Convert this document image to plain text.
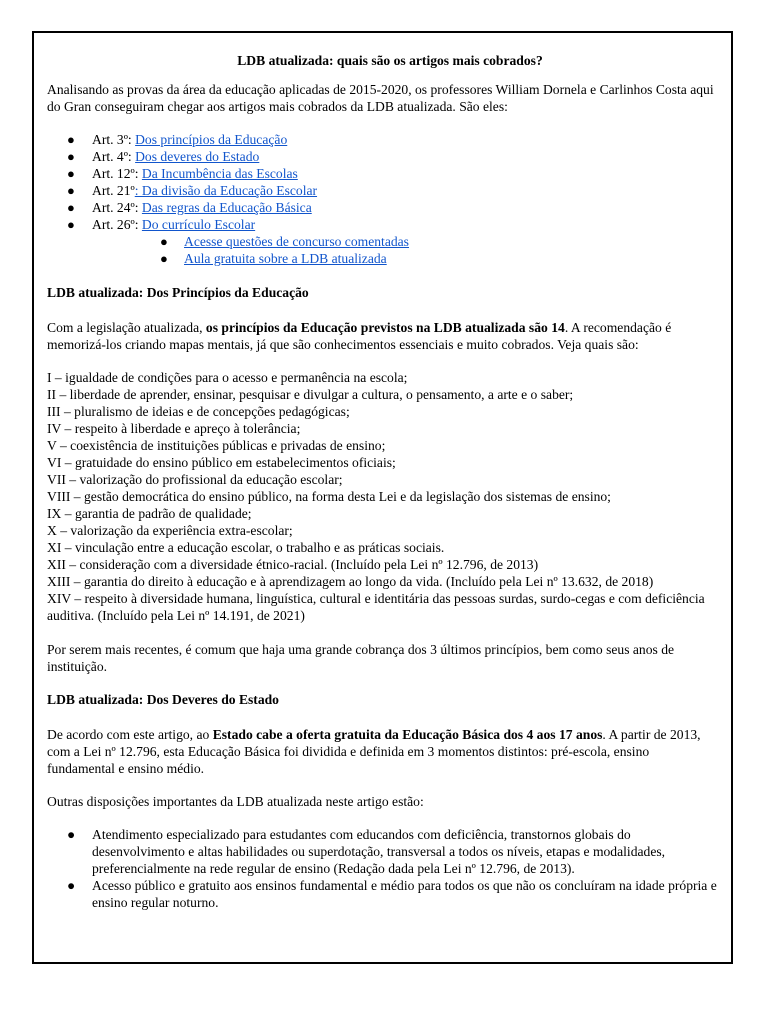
LDB atualizada: quais são os artigos mais cobrados?

Analisando as provas da área da educação aplicadas de 2015-2020, os professores William Dornela e Carlinhos Costa aqui do Gran conseguiram chegar aos artigos mais cobrados da LDB atualizada. São eles:

● Art. 3º: Dos princípios da Educação
● Art. 4º: Dos deveres do Estado
● Art. 12º: Da Incumbência das Escolas
● Art. 21º: Da divisão da Educação Escolar
● Art. 24º: Das regras da Educação Básica
● Art. 26º: Do currículo Escolar
● Acesse questões de concurso comentadas
● Aula gratuita sobre a LDB atualizada

LDB atualizada: Dos Princípios da Educação

Com a legislação atualizada, os princípios da Educação previstos na LDB atualizada são 14. A recomendação é memorizá-los criando mapas mentais, já que são conhecimentos essenciais e muito cobrados. Veja quais são:

I – igualdade de condições para o acesso e permanência na escola;

II – liberdade de aprender, ensinar, pesquisar e divulgar a cultura, o pensamento, a arte e o saber;

III – pluralismo de ideias e de concepções pedagógicas;

IV – respeito à liberdade e apreço à tolerância;

V – coexistência de instituições públicas e privadas de ensino;

VI – gratuidade do ensino público em estabelecimentos oficiais;

VII – valorização do profissional da educação escolar;

VIII – gestão democrática do ensino público, na forma desta Lei e da legislação dos sistemas de ensino;

IX – garantia de padrão de qualidade;

X – valorização da experiência extra-escolar;

XI – vinculação entre a educação escolar, o trabalho e as práticas sociais.

XII – consideração com a diversidade étnico-racial. (Incluído pela Lei nº 12.796, de 2013)

XIII – garantia do direito à educação e à aprendizagem ao longo da vida. (Incluído pela Lei nº 13.632, de 2018)

XIV – respeito à diversidade humana, linguística, cultural e identitária das pessoas surdas, surdo-cegas e com deficiência auditiva. (Incluído pela Lei nº 14.191, de 2021)

Por serem mais recentes, é comum que haja uma grande cobrança dos 3 últimos princípios, bem como seus anos de instituição.

LDB atualizada: Dos Deveres do Estado

De acordo com este artigo, ao Estado cabe a oferta gratuita da Educação Básica dos 4 aos 17 anos. A partir de 2013, com a Lei nº 12.796, esta Educação Básica foi dividida e definida em 3 momentos distintos: pré-escola, ensino fundamental e ensino médio.

Outras disposições importantes da LDB atualizada neste artigo estão:

● Atendimento especializado para estudantes com educandos com deficiência, transtornos globais do desenvolvimento e altas habilidades ou superdotação, transversal a todos os níveis, etapas e modalidades, preferencialmente na rede regular de ensino (Redação dada pela Lei nº 12.796, de 2013).
● Acesso público e gratuito aos ensinos fundamental e médio para todos os que não os concluíram na idade própria e ensino regular noturno.
